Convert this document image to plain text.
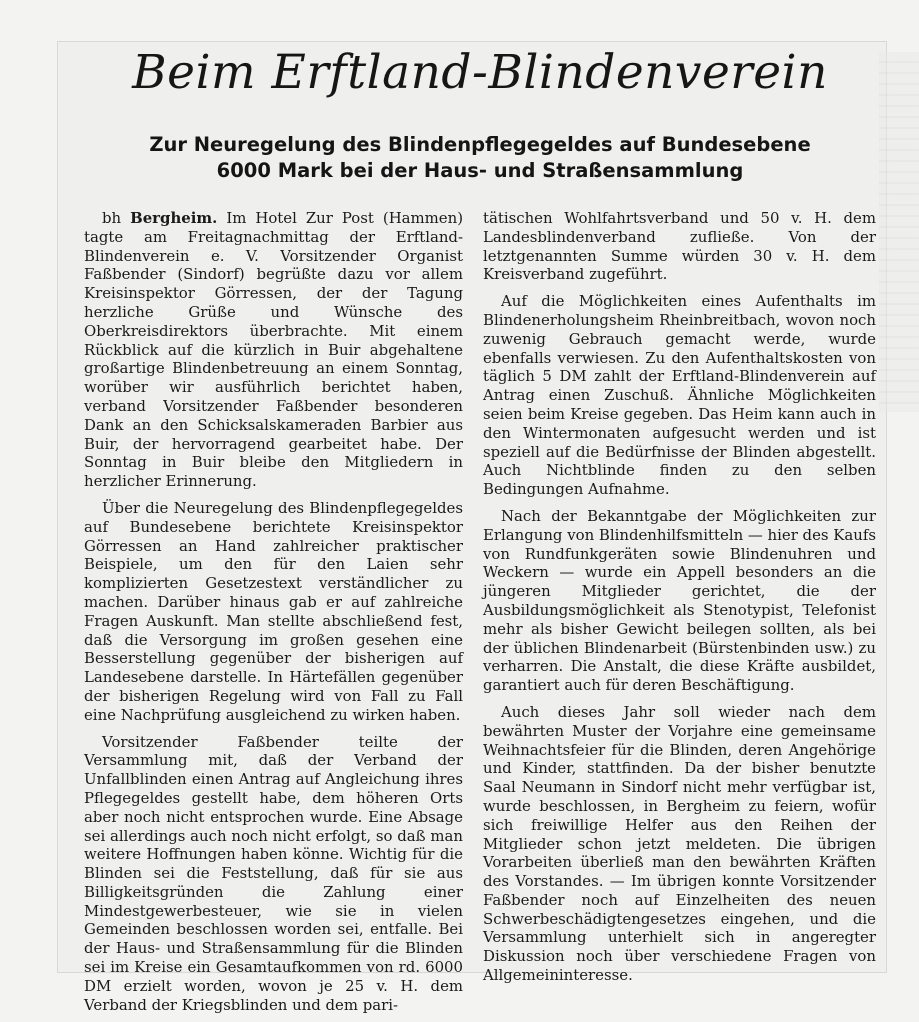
Beim Erftland-Blindenverein
Zur Neuregelung des Blindenpflegegeldes auf Bundesebene
6000 Mark bei der Haus- und Straßensammlung

bh Bergheim. Im Hotel Zur Post (Hammen) tagte am Freitagnachmittag der Erftland-Blindenverein e. V. Vorsitzender Organist Faßbender (Sindorf) begrüßte dazu vor allem Kreisinspektor Görressen, der der Tagung herzliche Grüße und Wünsche des Oberkreisdirektors überbrachte. Mit einem Rückblick auf die kürzlich in Buir abgehaltene großartige Blindenbetreuung an einem Sonntag, worüber wir ausführlich berichtet haben, verband Vorsitzender Faßbender besonderen Dank an den Schicksalskameraden Barbier aus Buir, der hervorragend gearbeitet habe. Der Sonntag in Buir bleibe den Mitgliedern in herzlicher Erinnerung.

Über die Neuregelung des Blindenpflegegeldes auf Bundesebene berichtete Kreisinspektor Görressen an Hand zahlreicher praktischer Beispiele, um den für den Laien sehr komplizierten Gesetzestext verständlicher zu machen. Darüber hinaus gab er auf zahlreiche Fragen Auskunft. Man stellte abschließend fest, daß die Versorgung im großen gesehen eine Besserstellung gegenüber der bisherigen auf Landesebene darstelle. In Härtefällen gegenüber der bisherigen Regelung wird von Fall zu Fall eine Nachprüfung ausgleichend zu wirken haben.

Vorsitzender Faßbender teilte der Versammlung mit, daß der Verband der Unfallblinden einen Antrag auf Angleichung ihres Pflegegeldes gestellt habe, dem höheren Orts aber noch nicht entsprochen wurde. Eine Absage sei allerdings auch noch nicht erfolgt, so daß man weitere Hoffnungen haben könne. Wichtig für die Blinden sei die Feststellung, daß für sie aus Billigkeitsgründen die Zahlung einer Mindestgewerbesteuer, wie sie in vielen Gemeinden beschlossen worden sei, entfalle. Bei der Haus- und Straßensammlung für die Blinden sei im Kreise ein Gesamtaufkommen von rd. 6000 DM erzielt worden, wovon je 25 v. H. dem Verband der Kriegsblinden und dem pari-

tätischen Wohlfahrtsverband und 50 v. H. dem Landesblindenverband zufließe. Von der letztgenannten Summe würden 30 v. H. dem Kreisverband zugeführt.

Auf die Möglichkeiten eines Aufenthalts im Blindenerholungsheim Rheinbreitbach, wovon noch zuwenig Gebrauch gemacht werde, wurde ebenfalls verwiesen. Zu den Aufenthaltskosten von täglich 5 DM zahlt der Erftland-Blindenverein auf Antrag einen Zuschuß. Ähnliche Möglichkeiten seien beim Kreise gegeben. Das Heim kann auch in den Wintermonaten aufgesucht werden und ist speziell auf die Bedürfnisse der Blinden abgestellt. Auch Nichtblinde finden zu den selben Bedingungen Aufnahme.

Nach der Bekanntgabe der Möglichkeiten zur Erlangung von Blindenhilfsmitteln — hier des Kaufs von Rundfunkgeräten sowie Blindenuhren und Weckern — wurde ein Appell besonders an die jüngeren Mitglieder gerichtet, die der Ausbildungsmöglichkeit als Stenotypist, Telefonist mehr als bisher Gewicht beilegen sollten, als bei der üblichen Blindenarbeit (Bürstenbinden usw.) zu verharren. Die Anstalt, die diese Kräfte ausbildet, garantiert auch für deren Beschäftigung.

Auch dieses Jahr soll wieder nach dem bewährten Muster der Vorjahre eine gemeinsame Weihnachtsfeier für die Blinden, deren Angehörige und Kinder, stattfinden. Da der bisher benutzte Saal Neumann in Sindorf nicht mehr verfügbar ist, wurde beschlossen, in Bergheim zu feiern, wofür sich freiwillige Helfer aus den Reihen der Mitglieder schon jetzt meldeten. Die übrigen Vorarbeiten überließ man den bewährten Kräften des Vorstandes. — Im übrigen konnte Vorsitzender Faßbender noch auf Einzelheiten des neuen Schwerbeschädigtengesetzes eingehen, und die Versammlung unterhielt sich in angeregter Diskussion noch über verschiedene Fragen von Allgemeininteresse.
